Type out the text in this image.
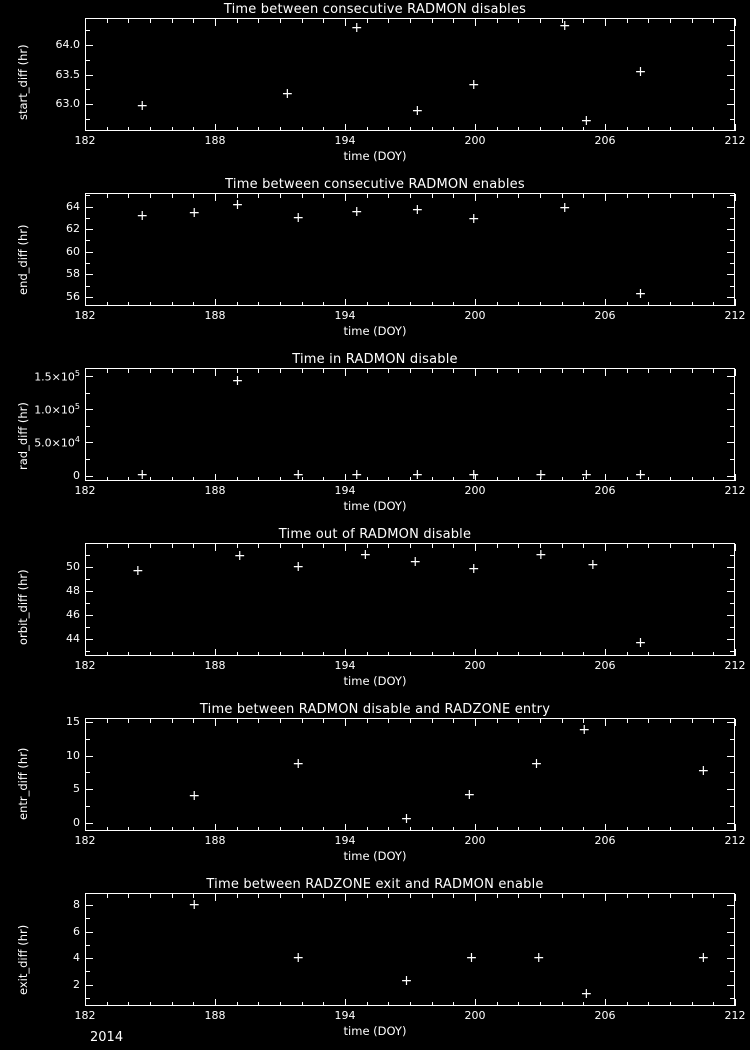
Time between consecutive RADMON disables
182	188	194	200	206	212
63.0
63.5
64.0
+
+
+
+
+
+
+
+
time (DOY)
start_diff (hr)
Time between consecutive RADMON enables
182	188	194	200	206	212
56
58
60
62
64
+
+
+
+
+
+
+
+
+
time (DOY)
end_diff (hr)
Time in RADMON disable
182	188	194	200	206	212
0
$5.0\times 10^4$
$1.0\times 10^5$
$1.5\times 10^5$
+
+
+
+
+
+
+
+
+
time (DOY)
rad_diff (hr)
Time out of RADMON disable
182	188	194	200	206	212
44
46
48
50
+
+
+
+
+
+
+
+
+
time (DOY)
orbit_diff (hr)
Time between RADMON disable and RADZONE entry
182	188	194	200	206	212
0
5
10
15
+
+
+
+
+
+
+
time (DOY)
entr_diff (hr)
Time between RADZONE exit and RADMON enable
182	188	194	200	206	212
2
4
6
8
+
+
+
+
+
+
+
time (DOY)
exit_diff (hr)
2014
